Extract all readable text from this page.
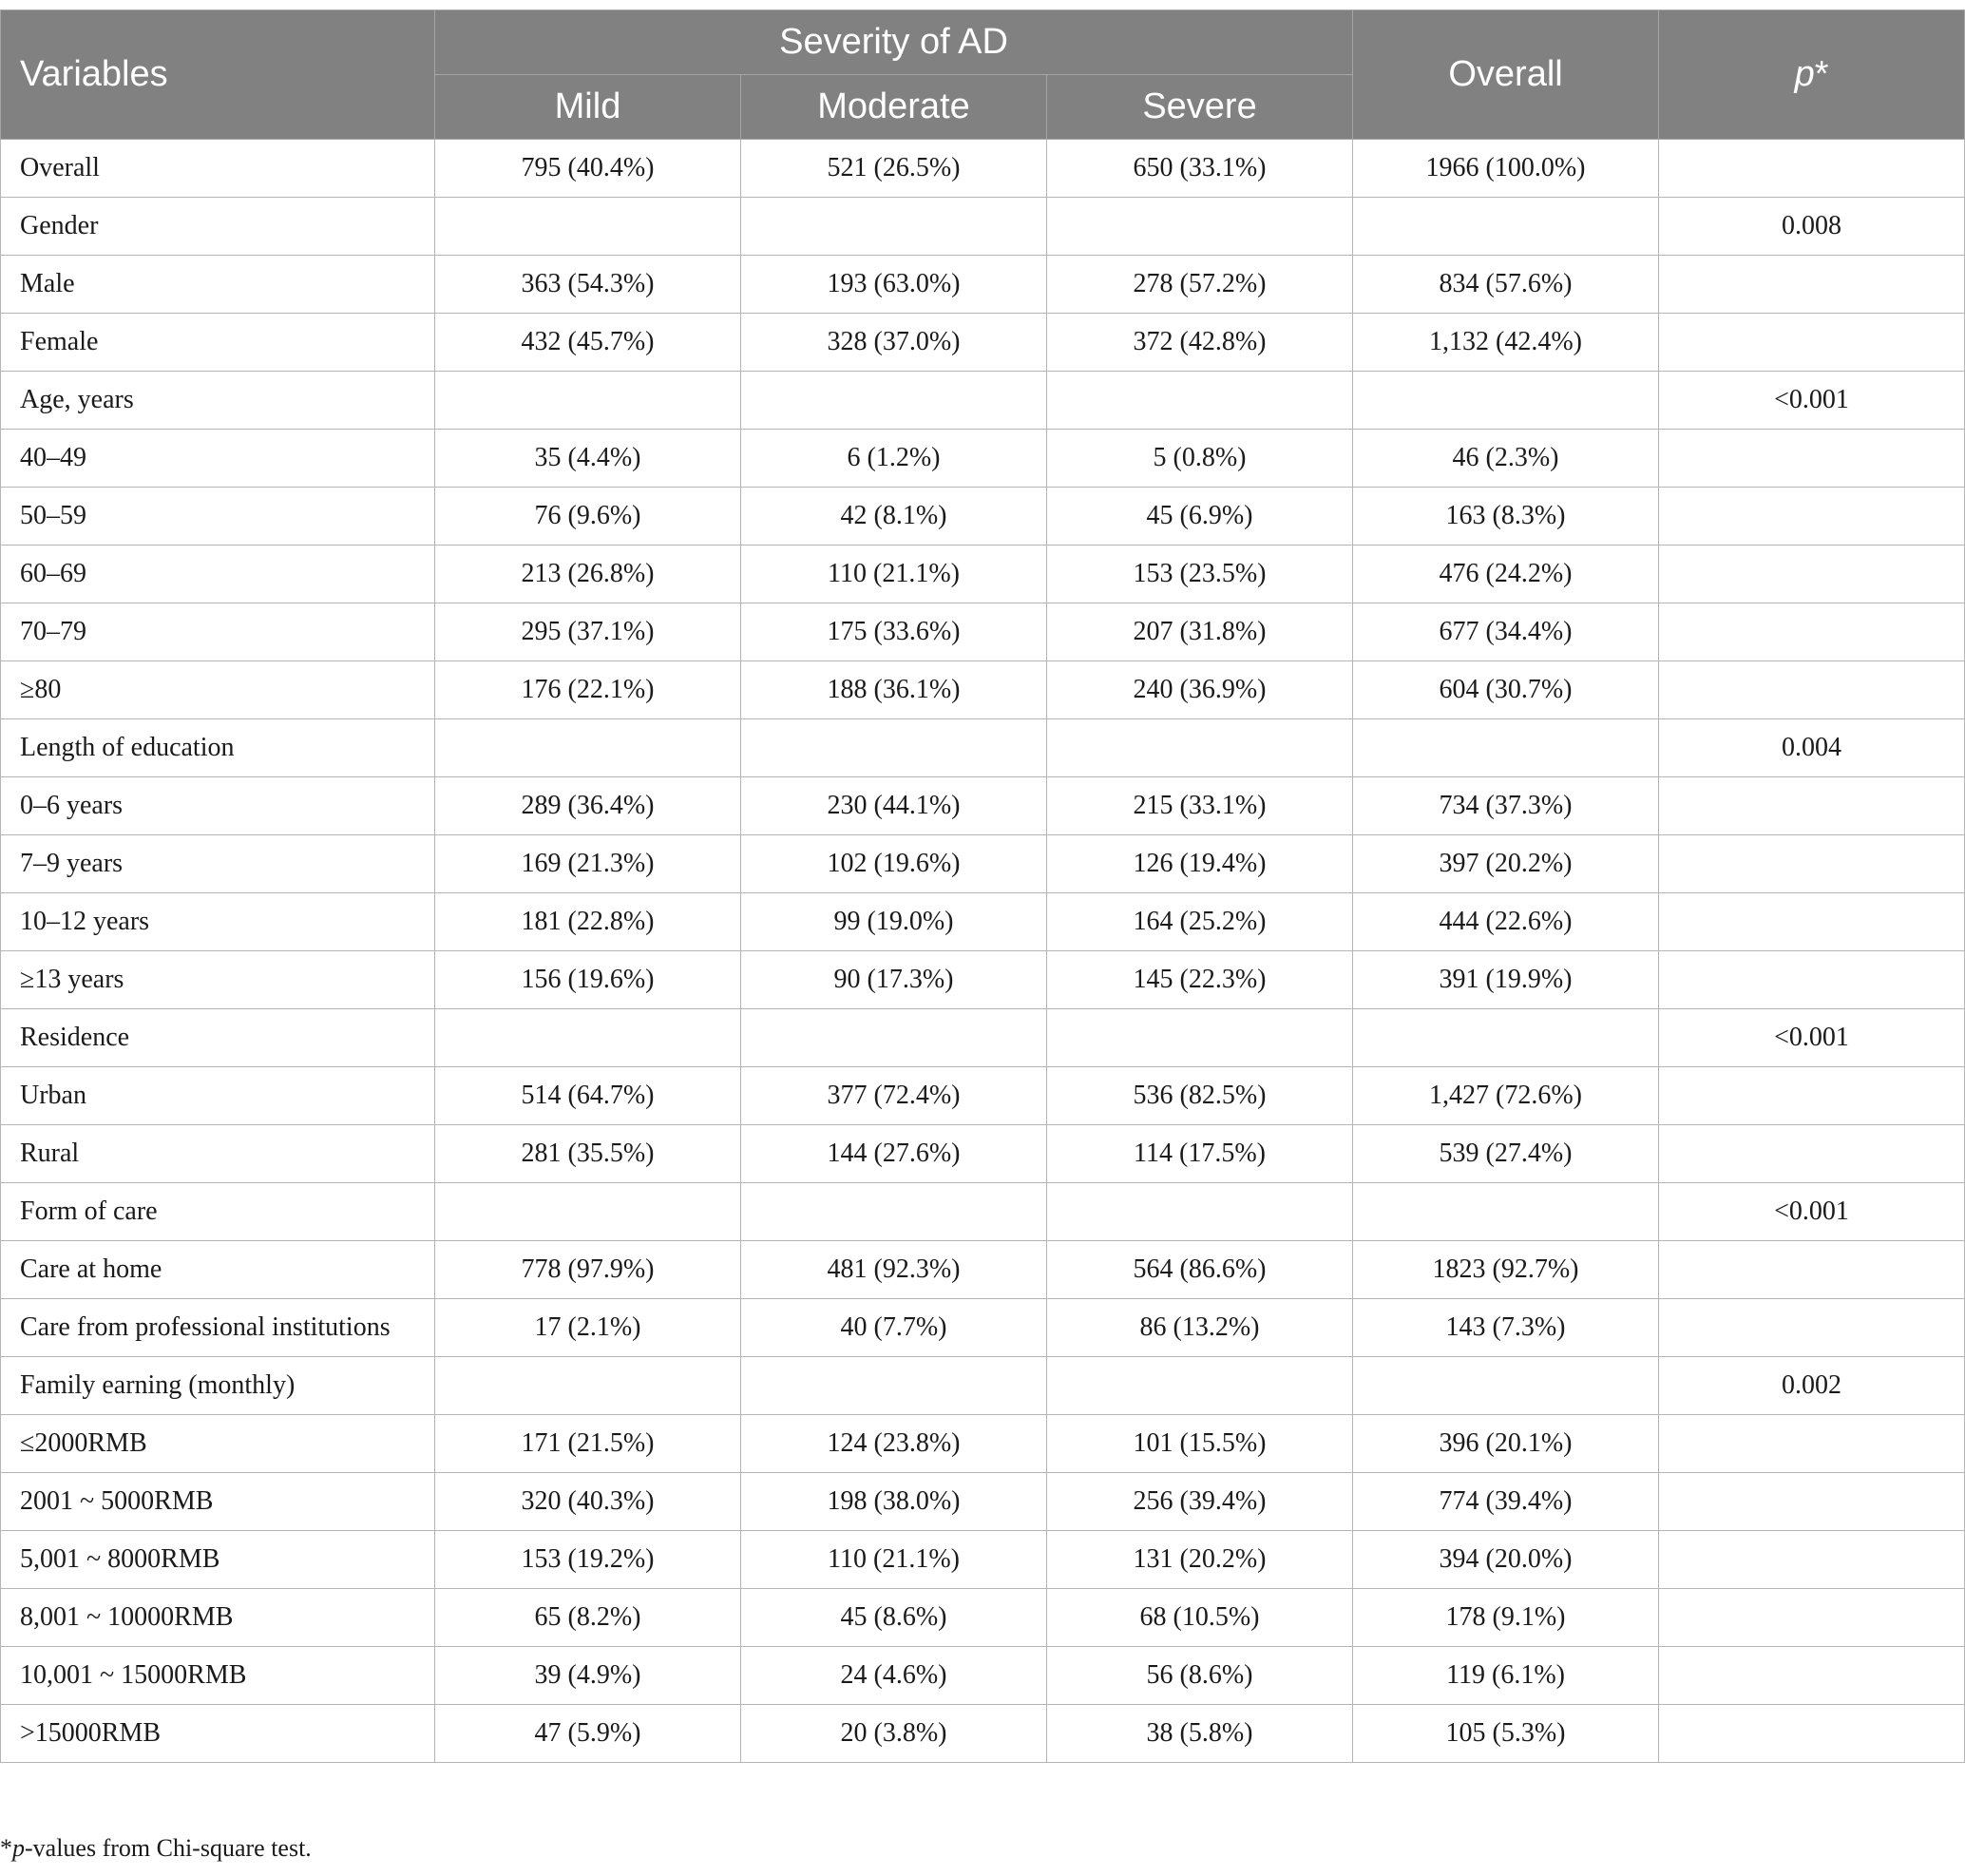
Variables	Severity of AD			Overall	p*
	Mild	Moderate	Severe		
Overall	795 (40.4%)	521 (26.5%)	650 (33.1%)	1966 (100.0%)	
Gender					0.008
Male	363 (54.3%)	193 (63.0%)	278 (57.2%)	834 (57.6%)	
Female	432 (45.7%)	328 (37.0%)	372 (42.8%)	1,132 (42.4%)	
Age, years					<0.001
40–49	35 (4.4%)	6 (1.2%)	5 (0.8%)	46 (2.3%)	
50–59	76 (9.6%)	42 (8.1%)	45 (6.9%)	163 (8.3%)	
60–69	213 (26.8%)	110 (21.1%)	153 (23.5%)	476 (24.2%)	
70–79	295 (37.1%)	175 (33.6%)	207 (31.8%)	677 (34.4%)	
≥80	176 (22.1%)	188 (36.1%)	240 (36.9%)	604 (30.7%)	
Length of education					0.004
0–6 years	289 (36.4%)	230 (44.1%)	215 (33.1%)	734 (37.3%)	
7–9 years	169 (21.3%)	102 (19.6%)	126 (19.4%)	397 (20.2%)	
10–12 years	181 (22.8%)	99 (19.0%)	164 (25.2%)	444 (22.6%)	
≥13 years	156 (19.6%)	90 (17.3%)	145 (22.3%)	391 (19.9%)	
Residence					<0.001
Urban	514 (64.7%)	377 (72.4%)	536 (82.5%)	1,427 (72.6%)	
Rural	281 (35.5%)	144 (27.6%)	114 (17.5%)	539 (27.4%)	
Form of care					<0.001
Care at home	778 (97.9%)	481 (92.3%)	564 (86.6%)	1823 (92.7%)	
Care from professional institutions	17 (2.1%)	40 (7.7%)	86 (13.2%)	143 (7.3%)	
Family earning (monthly)					0.002
≤2000RMB	171 (21.5%)	124 (23.8%)	101 (15.5%)	396 (20.1%)	
2001 ~ 5000RMB	320 (40.3%)	198 (38.0%)	256 (39.4%)	774 (39.4%)	
5,001 ~ 8000RMB	153 (19.2%)	110 (21.1%)	131 (20.2%)	394 (20.0%)	
8,001 ~ 10000RMB	65 (8.2%)	45 (8.6%)	68 (10.5%)	178 (9.1%)	
10,001 ~ 15000RMB	39 (4.9%)	24 (4.6%)	56 (8.6%)	119 (6.1%)	
>15000RMB	47 (5.9%)	20 (3.8%)	38 (5.8%)	105 (5.3%)	
*p-values from Chi-square test.
